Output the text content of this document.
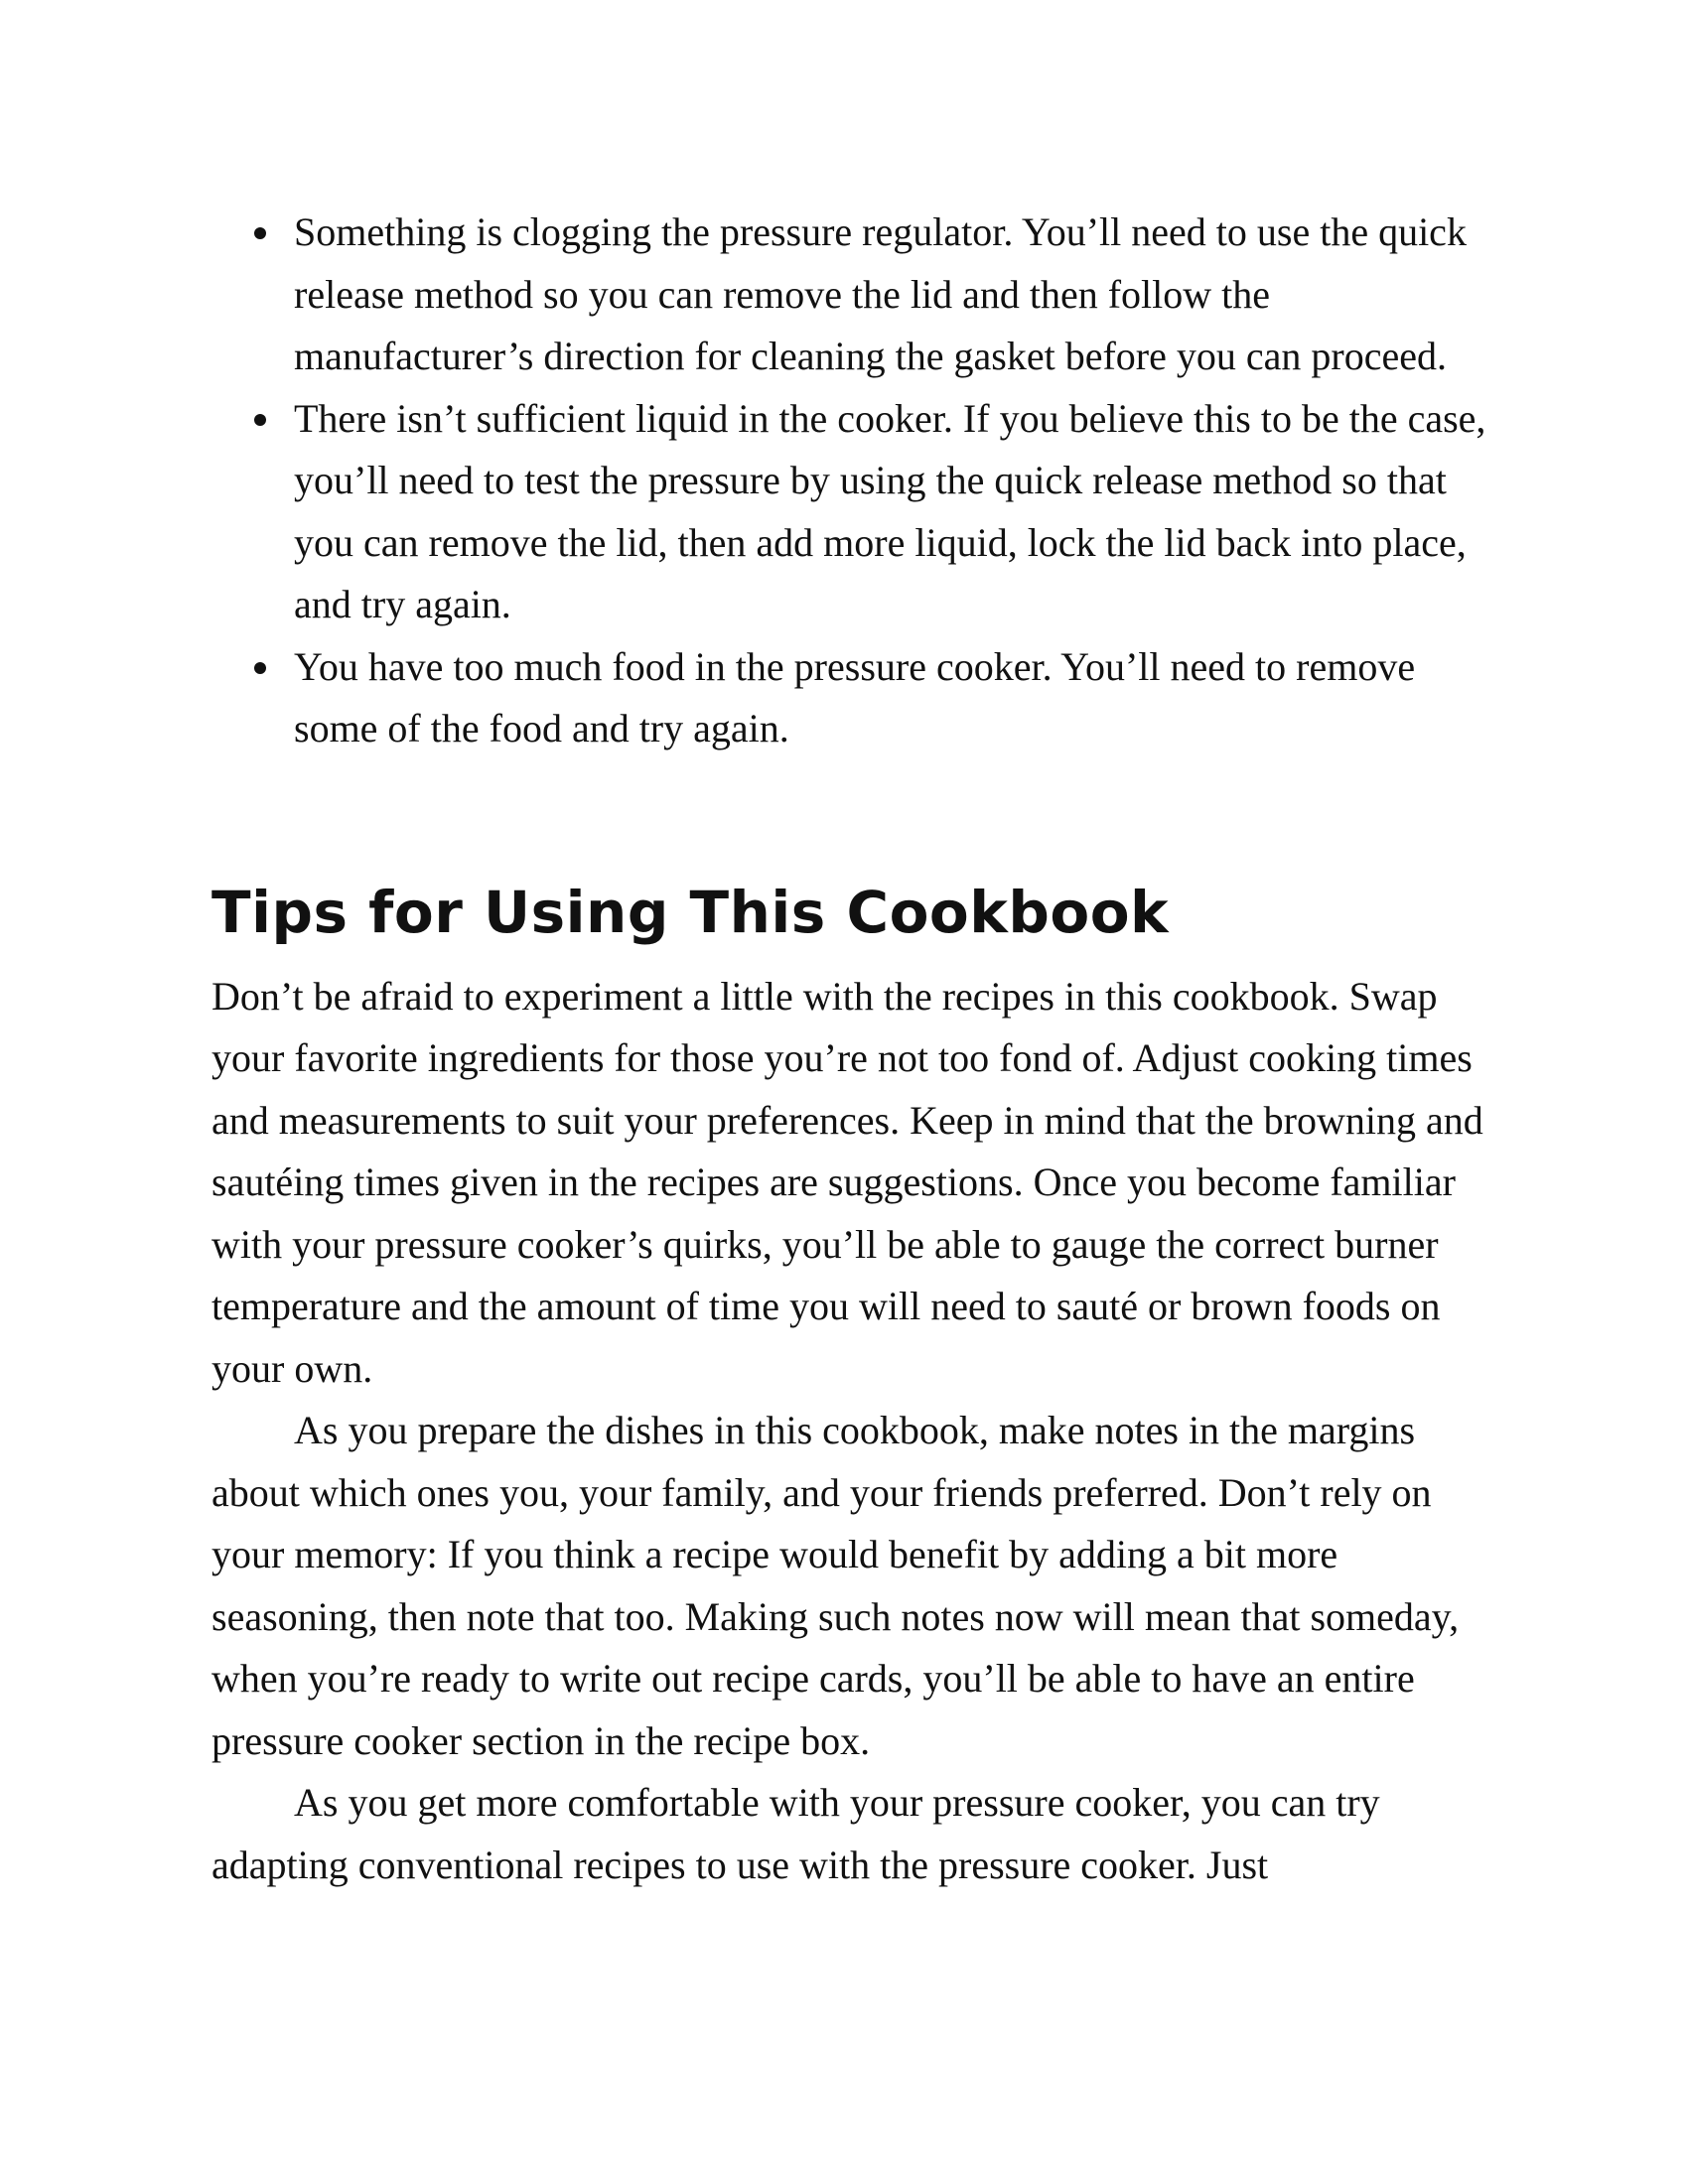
Something is clogging the pressure regulator. You’ll need to use the quick release method so you can remove the lid and then follow the manufacturer’s direction for cleaning the gasket before you can proceed.
There isn’t sufficient liquid in the cooker. If you believe this to be the case, you’ll need to test the pressure by using the quick release method so that you can remove the lid, then add more liquid, lock the lid back into place, and try again.
You have too much food in the pressure cooker. You’ll need to remove some of the food and try again.
Tips for Using This Cookbook

Don’t be afraid to experiment a little with the recipes in this cookbook. Swap your favorite ingredients for those you’re not too fond of. Adjust cooking times and measurements to suit your preferences. Keep in mind that the browning and sautéing times given in the recipes are suggestions. Once you become familiar with your pressure cooker’s quirks, you’ll be able to gauge the correct burner temperature and the amount of time you will need to sauté or brown foods on your own.

As you prepare the dishes in this cookbook, make notes in the margins about which ones you, your family, and your friends preferred. Don’t rely on your memory: If you think a recipe would benefit by adding a bit more seasoning, then note that too. Making such notes now will mean that someday, when you’re ready to write out recipe cards, you’ll be able to have an entire pressure cooker section in the recipe box.

As you get more comfortable with your pressure cooker, you can try adapting conventional recipes to use with the pressure cooker. Just
